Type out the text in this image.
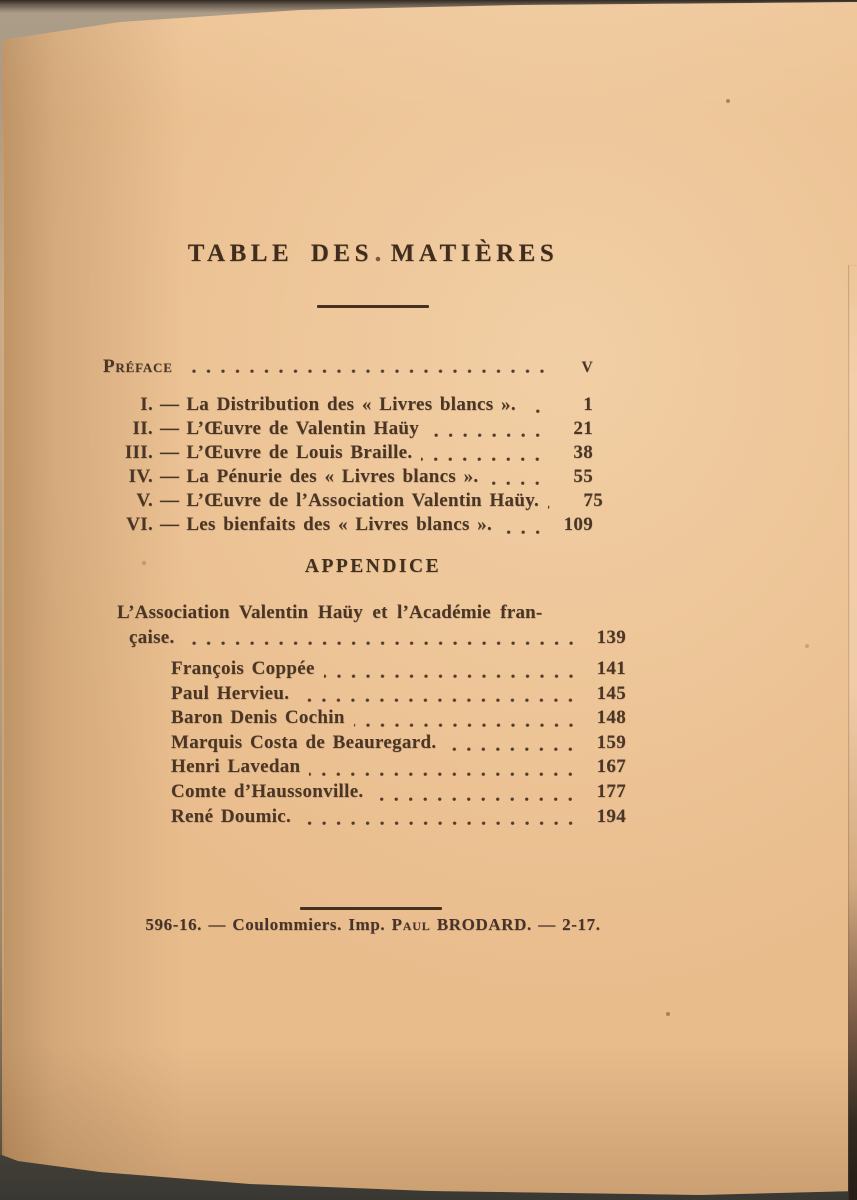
TABLE DES MATIÈRES
Préface	V
I. — La Distribution des « Livres blancs ».	1
II. — L’Œuvre de Valentin Haüy	21
III. — L’Œuvre de Louis Braille.	38
IV. — La Pénurie des « Livres blancs ».	55
V. — L’Œuvre de l’Association Valentin Haüy.	75
VI. — Les bienfaits des « Livres blancs ».	109
APPENDICE
L’Association Valentin Haüy et l’Académie fran-
çaise.	139
François Coppée	141
Paul Hervieu.	145
Baron Denis Cochin	148
Marquis Costa de Beauregard.	159
Henri Lavedan	167
Comte d’Haussonville.	177
René Doumic.	194
596-16. — Coulommiers. Imp. Paul BRODARD. — 2-17.
